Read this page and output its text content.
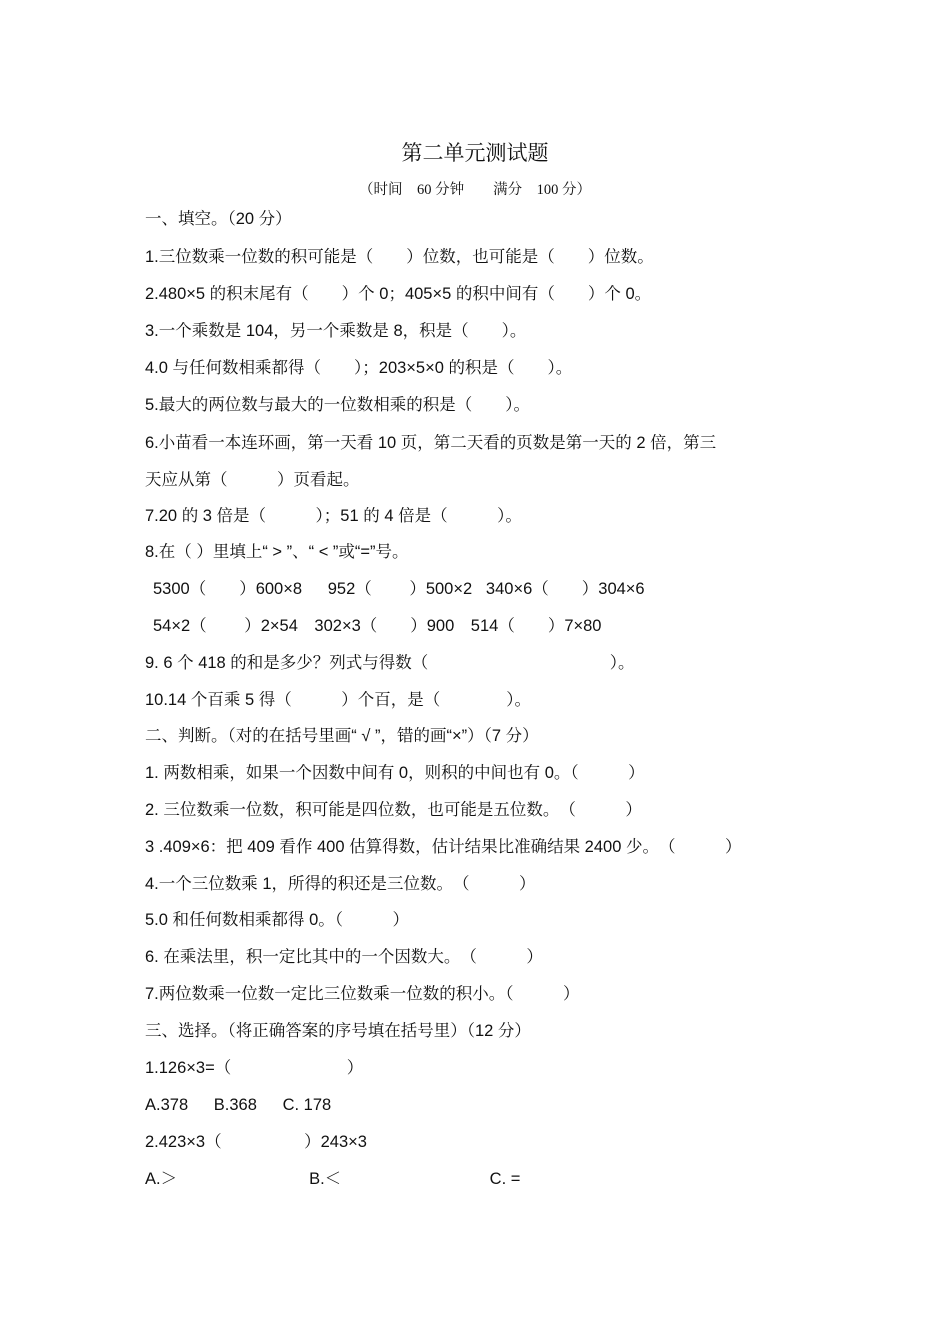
第二单元测试题
（时间　60 分钟　　满分　100 分）
一、填空。（20 分）
1.三位数乘一位数的积可能是（　　）位数，也可能是（　　）位数。
2.480×5 的积末尾有（　　）个 0；405×5 的积中间有（　　）个 0。
3.一个乘数是 104，另一个乘数是 8，积是（　　）。
4.0 与任何数相乘都得（　　）；203×5×0 的积是（　　）。
5.最大的两位数与最大的一位数相乘的积是（　　）。
6.小苗看一本连环画，第一天看 10 页，第二天看的页数是第一天的 2 倍，第三
天应从第（　　　）页看起。
7.20 的 3 倍是（　　　）；51 的 4 倍是（　　　）。
8.在（ ）里填上“ > ”、“ < ”或“=”号。
5300（　　）600×8　  952（　　 ）500×2   340×6（　　）304×6
54×2（　　 ）2×54　302×3（　　）900　514（　　）7×80
9. 6 个 418 的和是多少？列式与得数（　　　　　　　　　　　）。
10.14 个百乘 5 得（　　　）个百，是（　　　　）。
二、判断。（对的在括号里画“ √ ”，错的画“×”）（7 分）
1. 两数相乘，如果一个因数中间有 0，则积的中间也有 0。（　　　）
2. 三位数乘一位数，积可能是四位数，也可能是五位数。　（　　　）
3 .409×6：把 409 看作 400 估算得数，估计结果比准确结果 2400 少。　（　　　）
4.一个三位数乘 1，所得的积还是三位数。　（　　　）
5.0 和任何数相乘都得 0。（　　　）
6. 在乘法里，积一定比其中的一个因数大。　（　　　）
7.两位数乘一位数一定比三位数乘一位数的积小。（　　　）
三、选择。（将正确答案的序号填在括号里）（12 分）
1.126×3=（　　　　　　　）
A.378　  B.368　  C. 178
2.423×3（　　　　　）243×3
A.＞　　　　　　　　B.＜　　　　　　　　　C. =
